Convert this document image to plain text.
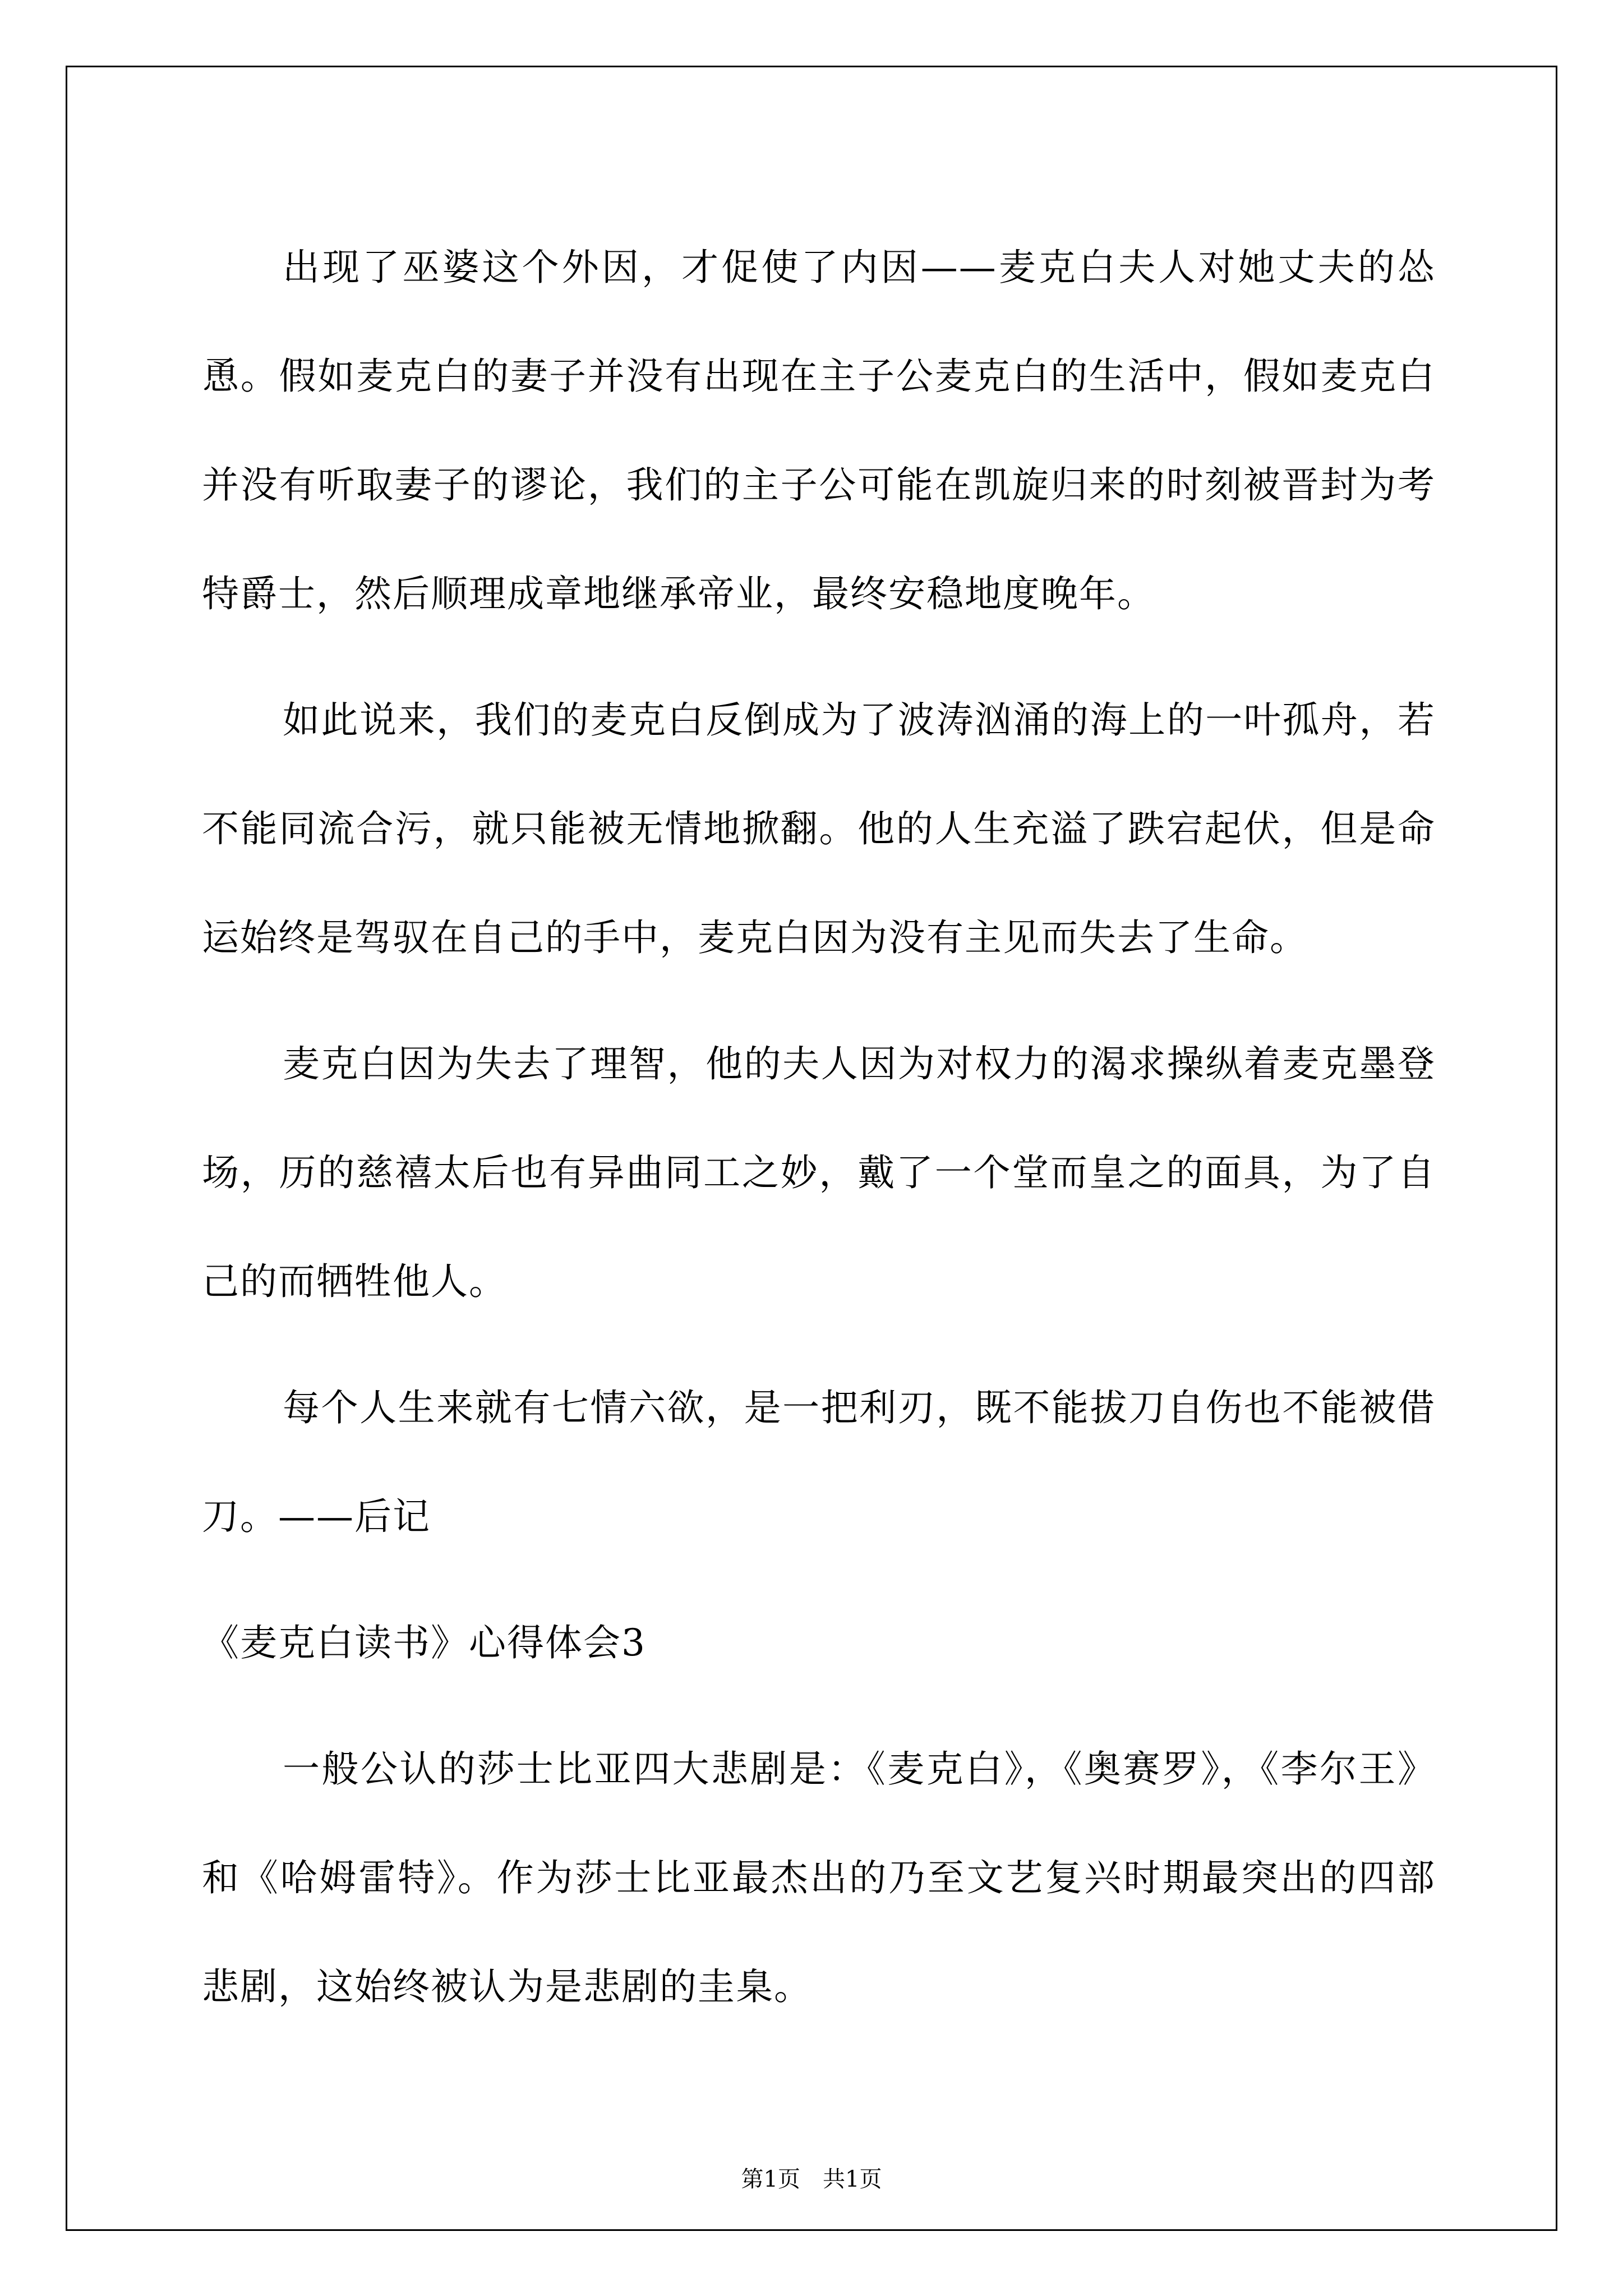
出现了巫婆这个外因，才促使了内因——麦克白夫人对她丈夫的怂恿。假如麦克白的妻子并没有出现在主子公麦克白的生活中，假如麦克白并没有听取妻子的谬论，我们的主子公可能在凯旋归来的时刻被晋封为考特爵士，然后顺理成章地继承帝业，最终安稳地度晚年。

如此说来，我们的麦克白反倒成为了波涛汹涌的海上的一叶孤舟，若不能同流合污，就只能被无情地掀翻。他的人生充溢了跌宕起伏，但是命运始终是驾驭在自己的手中，麦克白因为没有主见而失去了生命。

麦克白因为失去了理智，他的夫人因为对权力的渴求操纵着麦克墨登场，历的慈禧太后也有异曲同工之妙，戴了一个堂而皇之的面具，为了自己的而牺牲他人。

每个人生来就有七情六欲，是一把利刃，既不能拔刀自伤也不能被借刀。——后记

《麦克白读书》心得体会3

一般公认的莎士比亚四大悲剧是：《麦克白》，《奥赛罗》，《李尔王》和《哈姆雷特》。作为莎士比亚最杰出的乃至文艺复兴时期最突出的四部悲剧，这始终被认为是悲剧的圭臬。

第1页　共1页
